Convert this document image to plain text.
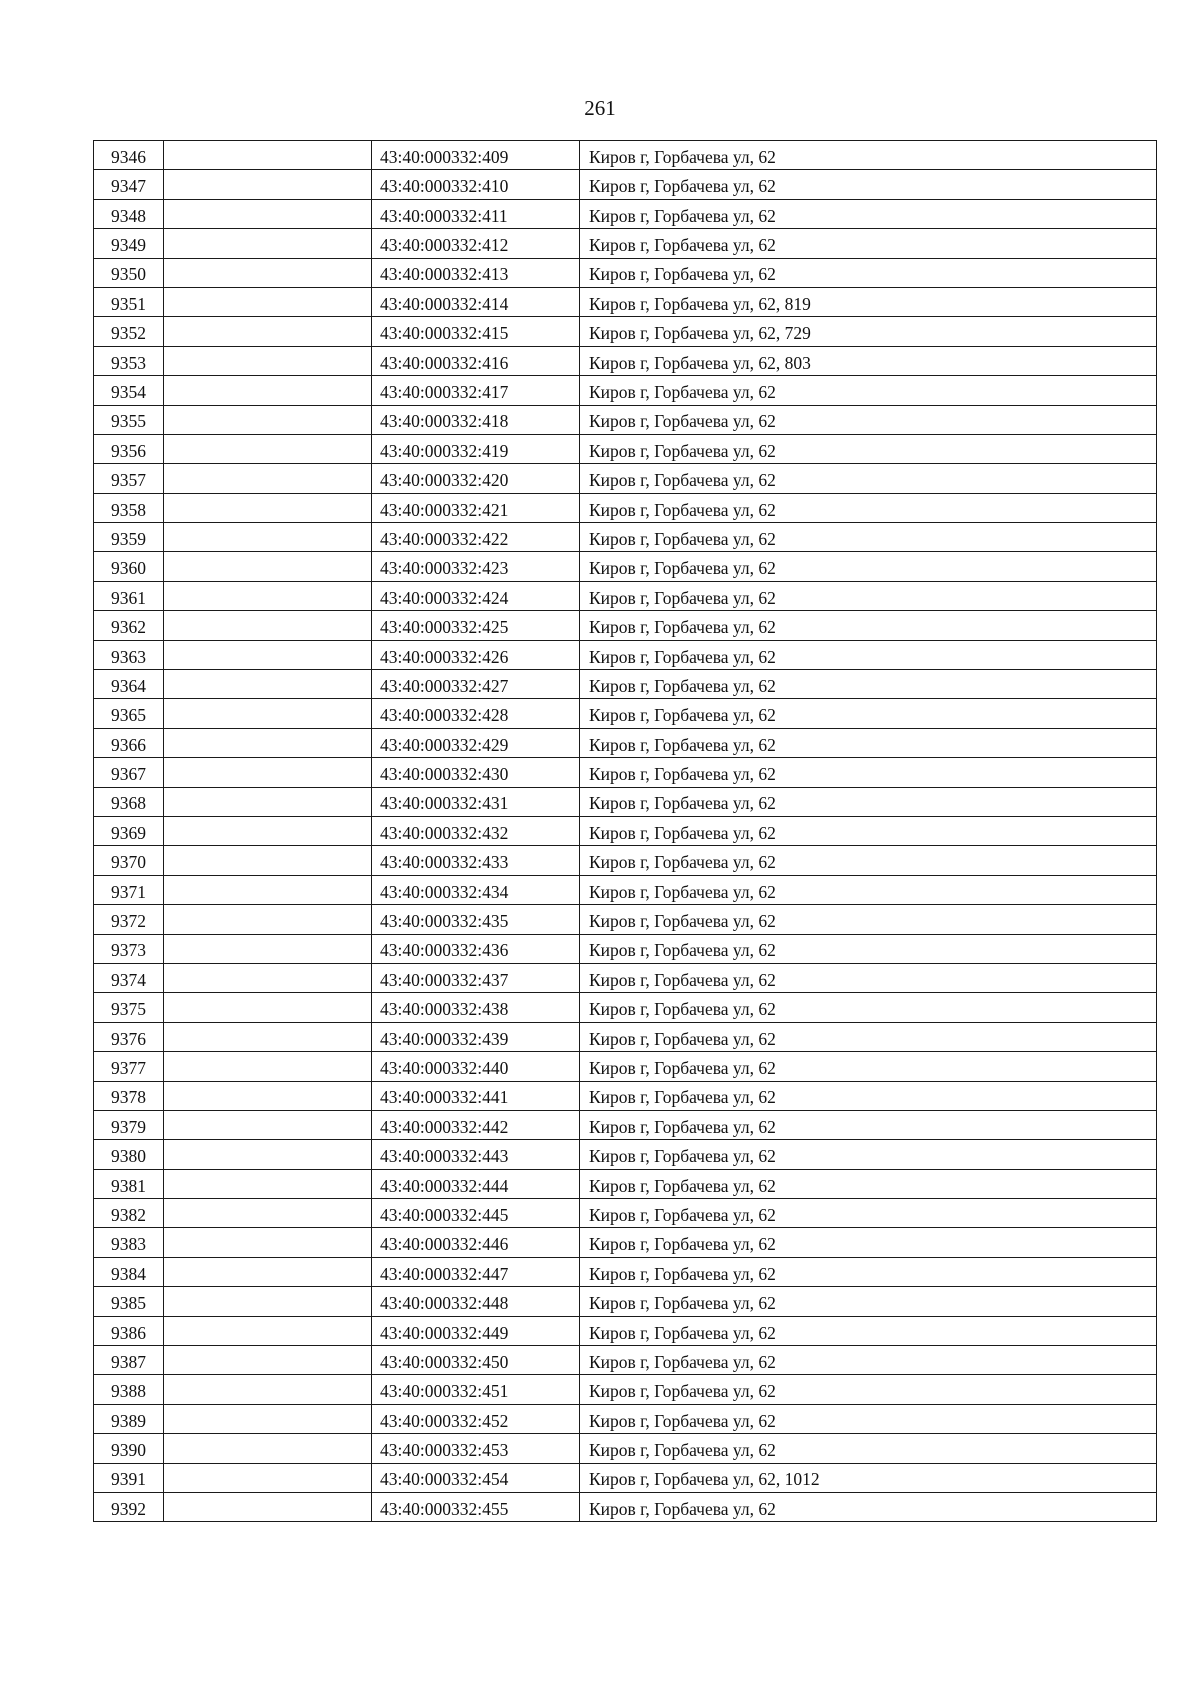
261
9346		43:40:000332:409	Киров г, Горбачева ул, 62
9347		43:40:000332:410	Киров г, Горбачева ул, 62
9348		43:40:000332:411	Киров г, Горбачева ул, 62
9349		43:40:000332:412	Киров г, Горбачева ул, 62
9350		43:40:000332:413	Киров г, Горбачева ул, 62
9351		43:40:000332:414	Киров г, Горбачева ул, 62, 819
9352		43:40:000332:415	Киров г, Горбачева ул, 62, 729
9353		43:40:000332:416	Киров г, Горбачева ул, 62, 803
9354		43:40:000332:417	Киров г, Горбачева ул, 62
9355		43:40:000332:418	Киров г, Горбачева ул, 62
9356		43:40:000332:419	Киров г, Горбачева ул, 62
9357		43:40:000332:420	Киров г, Горбачева ул, 62
9358		43:40:000332:421	Киров г, Горбачева ул, 62
9359		43:40:000332:422	Киров г, Горбачева ул, 62
9360		43:40:000332:423	Киров г, Горбачева ул, 62
9361		43:40:000332:424	Киров г, Горбачева ул, 62
9362		43:40:000332:425	Киров г, Горбачева ул, 62
9363		43:40:000332:426	Киров г, Горбачева ул, 62
9364		43:40:000332:427	Киров г, Горбачева ул, 62
9365		43:40:000332:428	Киров г, Горбачева ул, 62
9366		43:40:000332:429	Киров г, Горбачева ул, 62
9367		43:40:000332:430	Киров г, Горбачева ул, 62
9368		43:40:000332:431	Киров г, Горбачева ул, 62
9369		43:40:000332:432	Киров г, Горбачева ул, 62
9370		43:40:000332:433	Киров г, Горбачева ул, 62
9371		43:40:000332:434	Киров г, Горбачева ул, 62
9372		43:40:000332:435	Киров г, Горбачева ул, 62
9373		43:40:000332:436	Киров г, Горбачева ул, 62
9374		43:40:000332:437	Киров г, Горбачева ул, 62
9375		43:40:000332:438	Киров г, Горбачева ул, 62
9376		43:40:000332:439	Киров г, Горбачева ул, 62
9377		43:40:000332:440	Киров г, Горбачева ул, 62
9378		43:40:000332:441	Киров г, Горбачева ул, 62
9379		43:40:000332:442	Киров г, Горбачева ул, 62
9380		43:40:000332:443	Киров г, Горбачева ул, 62
9381		43:40:000332:444	Киров г, Горбачева ул, 62
9382		43:40:000332:445	Киров г, Горбачева ул, 62
9383		43:40:000332:446	Киров г, Горбачева ул, 62
9384		43:40:000332:447	Киров г, Горбачева ул, 62
9385		43:40:000332:448	Киров г, Горбачева ул, 62
9386		43:40:000332:449	Киров г, Горбачева ул, 62
9387		43:40:000332:450	Киров г, Горбачева ул, 62
9388		43:40:000332:451	Киров г, Горбачева ул, 62
9389		43:40:000332:452	Киров г, Горбачева ул, 62
9390		43:40:000332:453	Киров г, Горбачева ул, 62
9391		43:40:000332:454	Киров г, Горбачева ул, 62, 1012
9392		43:40:000332:455	Киров г, Горбачева ул, 62
